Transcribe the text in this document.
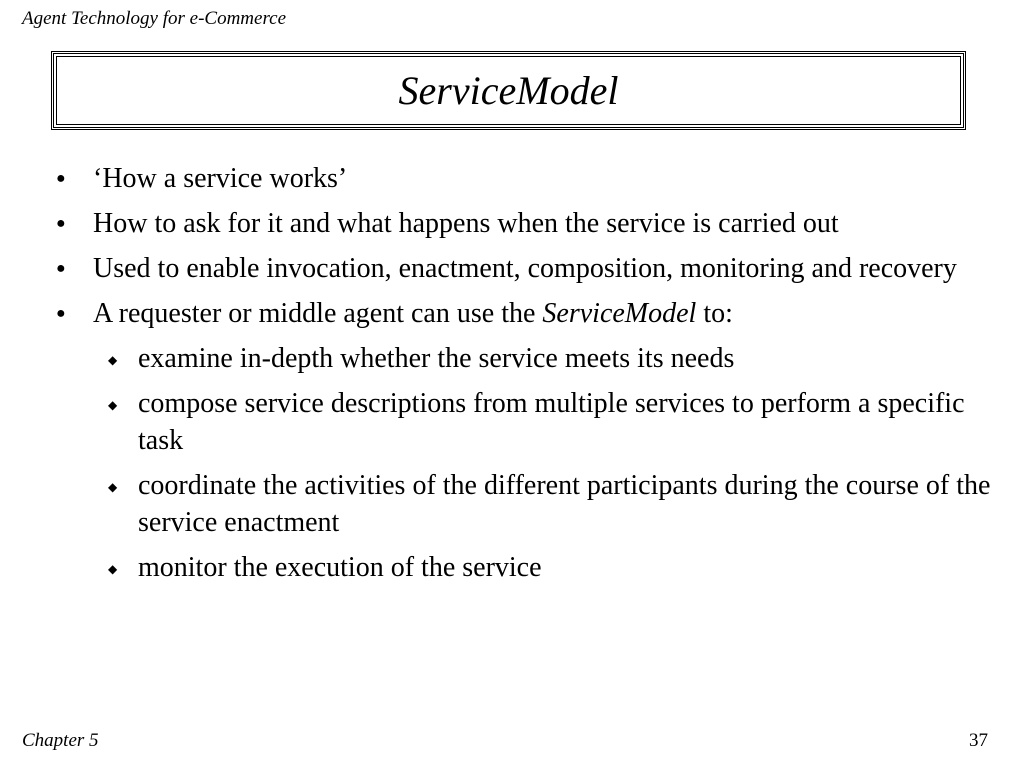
Agent Technology for e-Commerce
ServiceModel
● ‘How a service works’
● How to ask for it and what happens when the service is carried out
● Used to enable invocation, enactment, composition, monitoring and recovery
● A requester or middle agent can use the ServiceModel to:
◆ examine in-depth whether the service meets its needs
◆ compose service descriptions from multiple services to perform a specific task
◆ coordinate the activities of the different participants during the course of the service enactment
◆ monitor the execution of the service
Chapter 5	37
